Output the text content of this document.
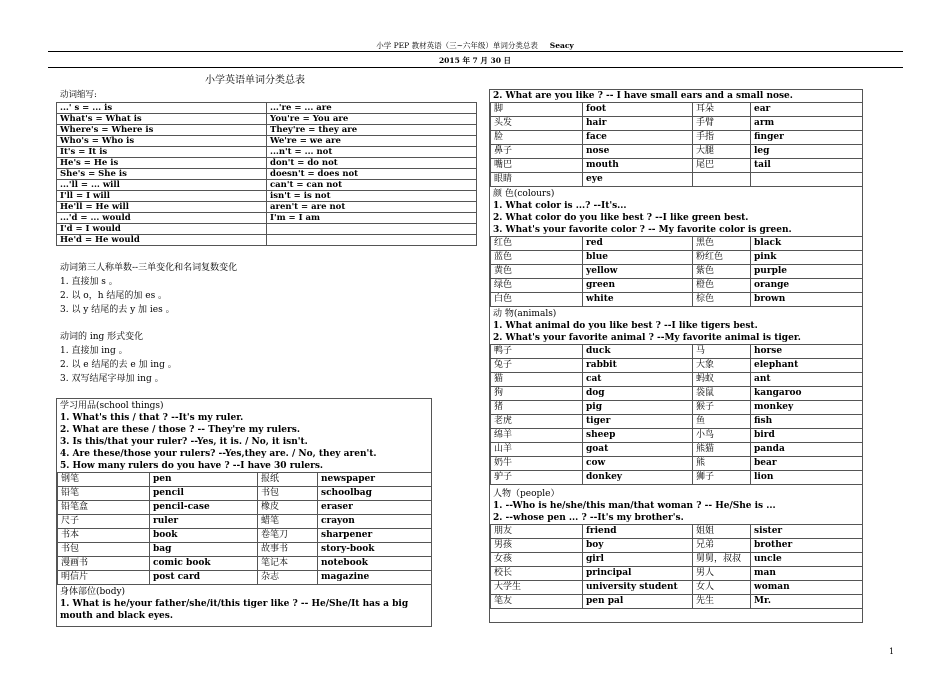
小学 PEP 教材英语（三~六年级）单词分类总表 Seacy
2015 年 7 月 30 日
小学英语单词分类总表
动词缩写:
...' s = ... is	...'re = ... are
What's = What is	You're = You are
Where's = Where is	They're = they are
Who's = Who is	We're = we are
It's = It is	...n't = ... not
He's = He is	don't = do not
She's = She is	doesn't = does not
...'ll = ... will	can't = can not
I'll = I will	isn't = is not
He'll = He will	aren't = are not
...'d = ... would	I'm = I am
I'd = I would	
He'd = He would	
动词第三人称单数--三单变化和名词复数变化
1. 直接加 s 。
2. 以 o，h 结尾的加 es 。
3. 以 y 结尾的去 y 加 ies 。
动词的 ing 形式变化
1. 直接加 ing 。
2. 以 e 结尾的去 e 加 ing 。
3. 双写结尾字母加 ing 。
学习用品(school things)
1. What's this / that ? --It's my ruler.
2. What are these / those ? -- They're my rulers.
3. Is this/that your ruler? --Yes, it is. / No, it isn't.
4. Are these/those your rulers? --Yes,they are. / No, they aren't.
5. How many rulers do you have ? --I have 30 rulers.
钢笔	pen	报纸	newspaper
铅笔	pencil	书包	schoolbag
铅笔盒	pencil-case	橡皮	eraser
尺子	ruler	蜡笔	crayon
书本	book	卷笔刀	sharpener
书包	bag	故事书	story-book
漫画书	comic book	笔记本	notebook
明信片	post card	杂志	magazine
身体部位(body)
1. What is he/your father/she/it/this tiger like ? -- He/She/It has a big mouth and black eyes.
2. What are you like ? -- I have small ears and a small nose.
脚	foot	耳朵	ear
头发	hair	手臂	arm
脸	face	手指	finger
鼻子	nose	大腿	leg
嘴巴	mouth	尾巴	tail
眼睛	eye		
颜 色(colours)
1. What color is ...? --It's...
2. What color do you like best ? --I like green best.
3. What's your favorite color ? -- My favorite color is green.
红色	red	黑色	black
蓝色	blue	粉红色	pink
黄色	yellow	紫色	purple
绿色	green	橙色	orange
白色	white	棕色	brown
动 物(animals)
1. What animal do you like best ? --I like tigers best.
2. What's your favorite animal ? --My favorite animal is tiger.
鸭子	duck	马	horse
兔子	rabbit	大象	elephant
猫	cat	蚂蚁	ant
狗	dog	袋鼠	kangaroo
猪	pig	猴子	monkey
老虎	tiger	鱼	fish
绵羊	sheep	小鸟	bird
山羊	goat	熊猫	panda
奶牛	cow	熊	bear
驴子	donkey	狮子	lion
人物（people）
1. --Who is he/she/this man/that woman ? -- He/She is ...
2. --whose pen ... ? --It's my brother's.
朋友	friend	姐姐	sister
男孩	boy	兄弟	brother
女孩	girl	舅舅，叔叔	uncle
校长	principal	男人	man
大学生	university student	女人	woman
笔友	pen pal	先生	Mr.
1
